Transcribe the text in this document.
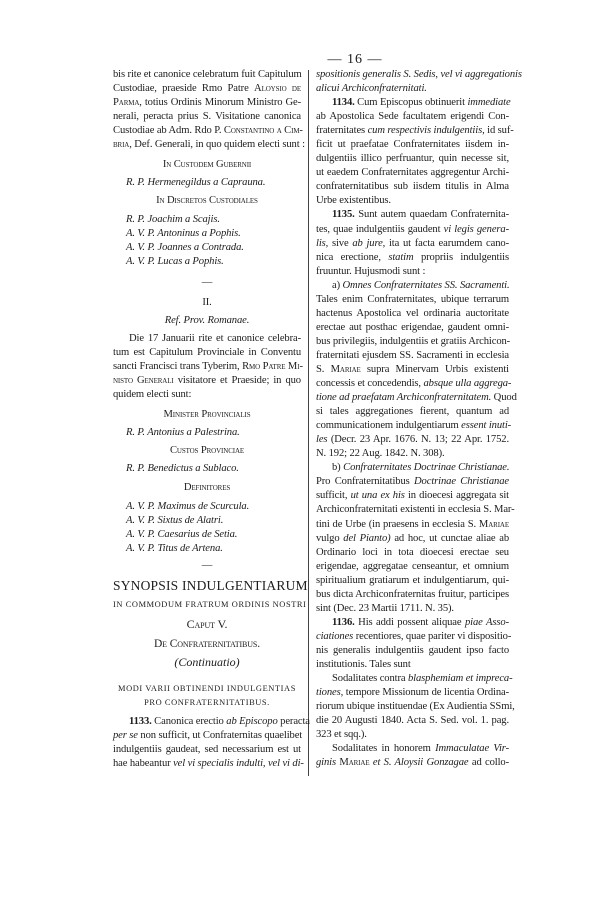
— 16 —
bis rite et canonice celebratum fuit Capitulum
Custodiae, praeside Rmo Patre Aloysio de
Parma, totius Ordinis Minorum Ministro Ge-
nerali, peracta prius S. Visitatione canonica
Custodiae ab Adm. Rdo P. Constantino a Cim-
bria, Def. Generali, in quo quidem electi sunt :
In Custodem Gubernii
R. P. Hermenegildus a Caprauna.
In Discretos Custodiales
R. P. Joachim a Scajis.
A. V. P. Antoninus a Pophis.
A. V. P. Joannes a Contrada.
A. V. P. Lucas a Pophis.
—
II.
Ref. Prov. Romanae.
Die 17 Januarii rite et canonice celebra-
tum est Capitulum Provinciale in Conventu
sancti Francisci trans Tyberim, Rmo Patre Mi-
nisto Generali visitatore et Praeside; in quo
quidem electi sunt:
Minister Provincialis
R. P. Antonius a Palestrina.
Custos Provinciae
R. P. Benedictus a Sublaco.
Definitores
A. V. P. Maximus de Scurcula.
A. V. P. Sixtus de Alatri.
A. V. P. Caesarius de Setia.
A. V. P. Titus de Artena.
—
SYNOPSIS INDULGENTIARUM
IN COMMODUM FRATRUM ORDINIS NOSTRI
Caput V.
De Confraternitatibus.
(Continuatio)
MODI VARII OBTINENDI INDULGENTIAS
PRO CONFRATERNITATIBUS.
1133. Canonica erectio ab Episcopo peracta
per se non sufficit, ut Confraternitas quaelibet
indulgentiis gaudeat, sed necessarium est ut
hae habeantur vel vi specialis indulti, vel vi di-
spositionis generalis S. Sedis, vel vi aggregationis
alicui Archiconfraternitati.
1134. Cum Episcopus obtinuerit immediate
ab Apostolica Sede facultatem erigendi Con-
fraternitates cum respectivis indulgentiis, id suf-
ficit ut praefatae Confraternitates iisdem in-
dulgentiis illico perfruantur, quin necesse sit,
ut eaedem Confraternitates aggregentur Archi-
confraternitatibus sub iisdem titulis in Alma
Urbe existentibus.
1135. Sunt autem quaedam Confraternita-
tes, quae indulgentiis gaudent vi legis genera-
lis, sive ab jure, ita ut facta earumdem cano-
nica erectione, statim propriis indulgentiis
fruuntur. Hujusmodi sunt :
a) Omnes Confraternitates SS. Sacramenti.
Tales enim Confraternitates, ubique terrarum
hactenus Apostolica vel ordinaria auctoritate
erectae aut posthac erigendae, gaudent omni-
bus privilegiis, indulgentiis et gratiis Archicon-
fraternitati ejusdem SS. Sacramenti in ecclesia
S. Mariae supra Minervam Urbis existenti
concessis et concedendis, absque ulla aggrega-
tione ad praefatam Archiconfraternitatem. Quod
si tales aggregationes fierent, quantum ad
communicationem indulgentiarum essent inuti-
les (Decr. 23 Apr. 1676. N. 13; 22 Apr. 1752.
N. 192; 22 Aug. 1842. N. 308).
b) Confraternitates Doctrinae Christianae.
Pro Confraternitatibus Doctrinae Christianae
sufficit, ut una ex his in dioecesi aggregata sit
Archiconfraternitati existenti in ecclesia S. Mar-
tini de Urbe (in praesens in ecclesia S. Mariae
vulgo del Pianto) ad hoc, ut cunctae aliae ab
Ordinario loci in tota dioecesi erectae seu
erigendae, aggregatae censeantur, et omnium
spiritualium gratiarum et indulgentiarum, qui-
bus dicta Archiconfraternitas fruitur, participes
sint (Dec. 23 Martii 1711. N. 35).
1136. His addi possent aliquae piae Asso-
ciationes recentiores, quae pariter vi dispositio-
nis generalis indulgentiis gaudent ipso facto
institutionis. Tales sunt
Sodalitates contra blasphemiam et impreca-
tiones, tempore Missionum de licentia Ordina-
riorum ubique instituendae (Ex Audientia SSmi,
die 20 Augusti 1840. Acta S. Sed. vol. 1. pag.
323 et sqq.).
Sodalitates in honorem Immaculatae Vir-
ginis Mariae et S. Aloysii Gonzagae ad collo-
